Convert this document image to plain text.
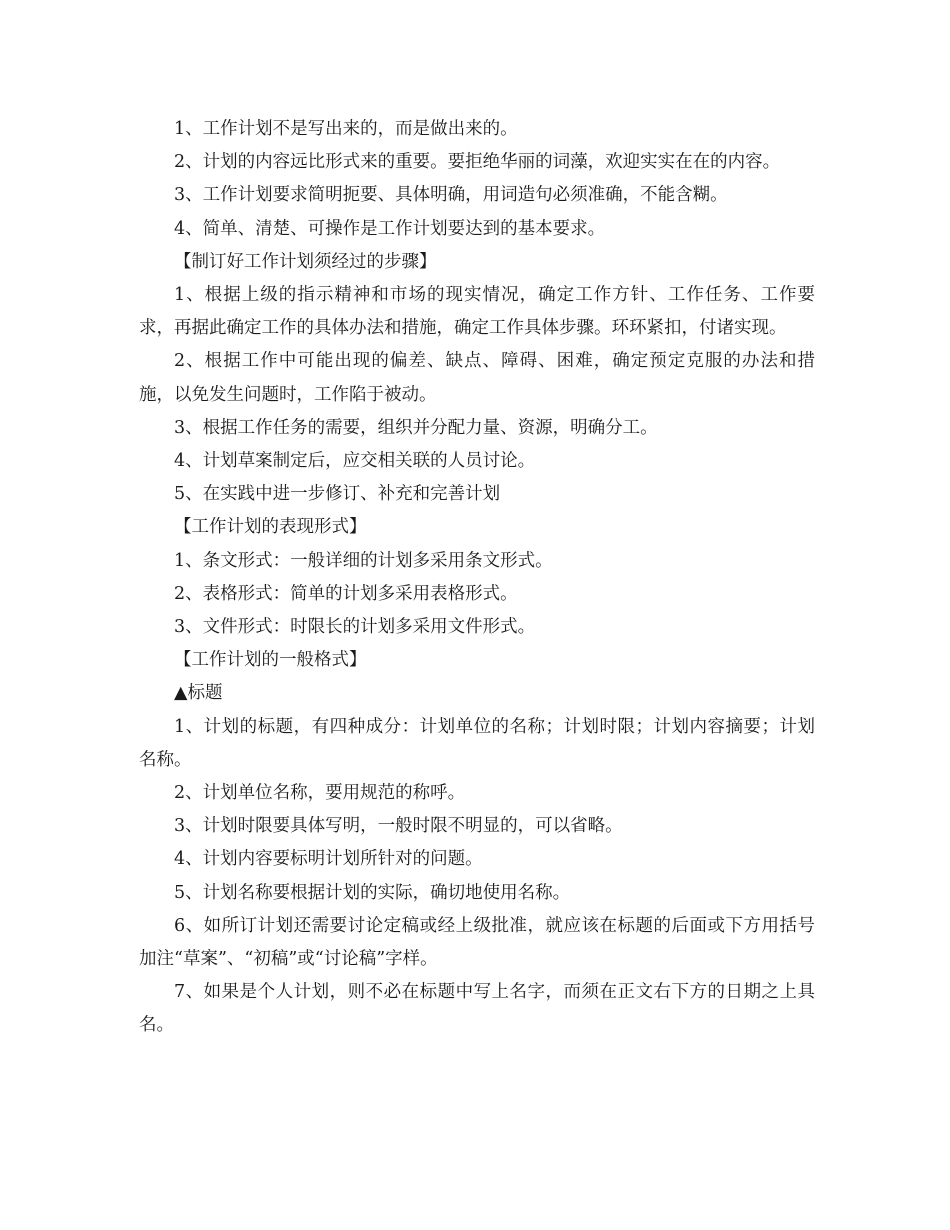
1、工作计划不是写出来的，而是做出来的。

2、计划的内容远比形式来的重要。要拒绝华丽的词藻，欢迎实实在在的内容。

3、工作计划要求简明扼要、具体明确，用词造句必须准确，不能含糊。

4、简单、清楚、可操作是工作计划要达到的基本要求。

【制订好工作计划须经过的步骤】

1、根据上级的指示精神和市场的现实情况，确定工作方针、工作任务、工作要求，再据此确定工作的具体办法和措施，确定工作具体步骤。环环紧扣，付诸实现。

2、根据工作中可能出现的偏差、缺点、障碍、困难，确定预定克服的办法和措施，以免发生问题时，工作陷于被动。

3、根据工作任务的需要，组织并分配力量、资源，明确分工。

4、计划草案制定后，应交相关联的人员讨论。

5、在实践中进一步修订、补充和完善计划

【工作计划的表现形式】

1、条文形式：一般详细的计划多采用条文形式。

2、表格形式：简单的计划多采用表格形式。

3、文件形式：时限长的计划多采用文件形式。

【工作计划的一般格式】

▲标题

1、计划的标题，有四种成分：计划单位的名称；计划时限；计划内容摘要；计划名称。

2、计划单位名称，要用规范的称呼。

3、计划时限要具体写明，一般时限不明显的，可以省略。

4、计划内容要标明计划所针对的问题。

5、计划名称要根据计划的实际，确切地使用名称。

6、如所订计划还需要讨论定稿或经上级批准，就应该在标题的后面或下方用括号加注“草案”、“初稿”或“讨论稿”字样。

7、如果是个人计划，则不必在标题中写上名字，而须在正文右下方的日期之上具名。
